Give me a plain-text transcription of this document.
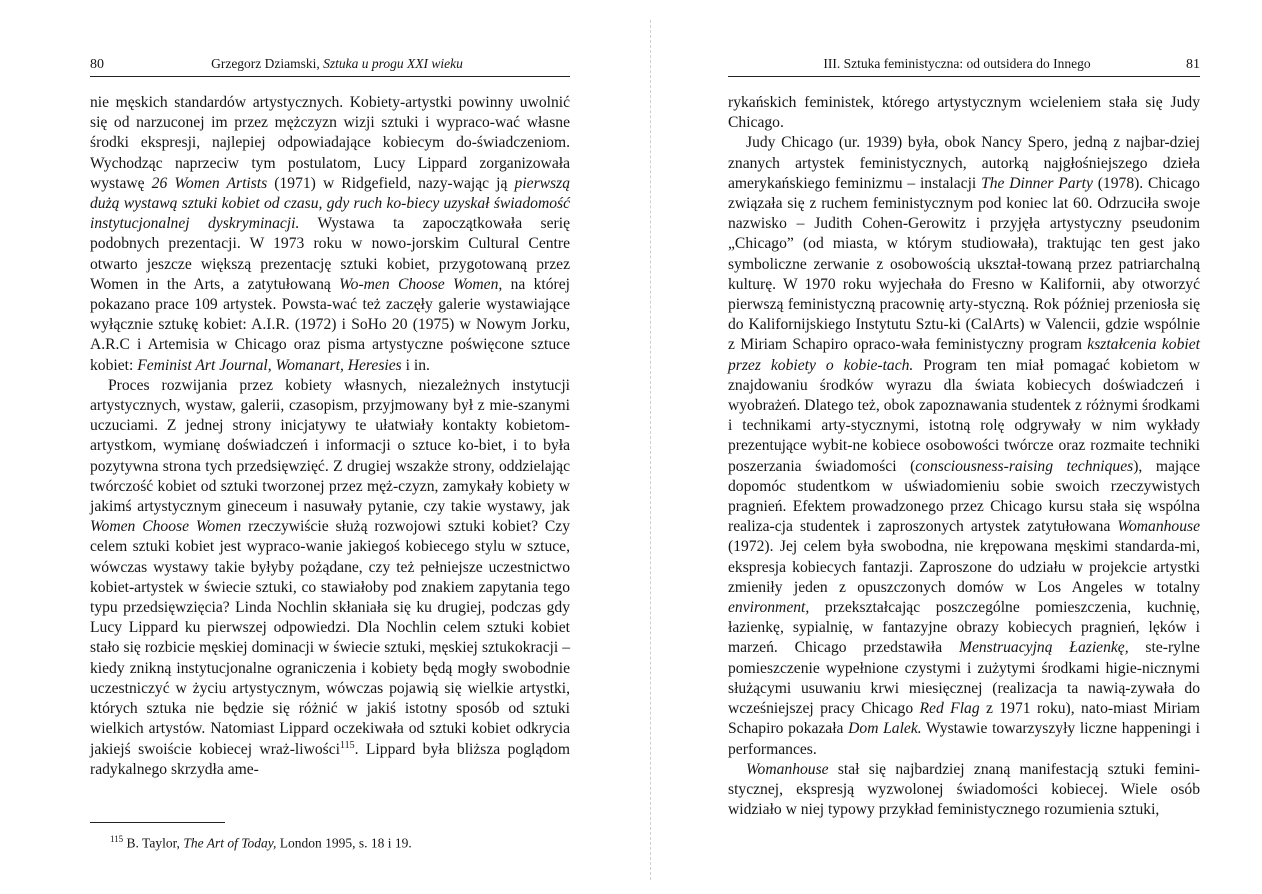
80	Grzegorz Dziamski, Sztuka u progu XXI wieku

nie męskich standardów artystycznych. Kobiety-artystki powinny uwolnić się od narzuconej im przez mężczyzn wizji sztuki i wypraco-wać własne środki ekspresji, najlepiej odpowiadające kobiecym do-świadczeniom. Wychodząc naprzeciw tym postulatom, Lucy Lippard zorganizowała wystawę 26 Women Artists (1971) w Ridgefield, nazy-wając ją pierwszą dużą wystawą sztuki kobiet od czasu, gdy ruch ko-biecy uzyskał świadomość instytucjonalnej dyskryminacji. Wystawa ta zapoczątkowała serię podobnych prezentacji. W 1973 roku w nowo-jorskim Cultural Centre otwarto jeszcze większą prezentację sztuki kobiet, przygotowaną przez Women in the Arts, a zatytułowaną Wo-men Choose Women, na której pokazano prace 109 artystek. Powsta-wać też zaczęły galerie wystawiające wyłącznie sztukę kobiet: A.I.R. (1972) i SoHo 20 (1975) w Nowym Jorku, A.R.C i Artemisia w Chicago oraz pisma artystyczne poświęcone sztuce kobiet: Feminist Art Journal, Womanart, Heresies i in.

Proces rozwijania przez kobiety własnych, niezależnych instytucji artystycznych, wystaw, galerii, czasopism, przyjmowany był z mie-szanymi uczuciami. Z jednej strony inicjatywy te ułatwiały kontakty kobietom-artystkom, wymianę doświadczeń i informacji o sztuce ko-biet, i to była pozytywna strona tych przedsięwzięć. Z drugiej wszakże strony, oddzielając twórczość kobiet od sztuki tworzonej przez męż-czyzn, zamykały kobiety w jakimś artystycznym gineceum i nasuwały pytanie, czy takie wystawy, jak Women Choose Women rzeczywiście służą rozwojowi sztuki kobiet? Czy celem sztuki kobiet jest wypraco-wanie jakiegoś kobiecego stylu w sztuce, wówczas wystawy takie byłyby pożądane, czy też pełniejsze uczestnictwo kobiet-artystek w świecie sztuki, co stawiałoby pod znakiem zapytania tego typu przedsięwzięcia? Linda Nochlin skłaniała się ku drugiej, podczas gdy Lucy Lippard ku pierwszej odpowiedzi. Dla Nochlin celem sztuki kobiet stało się rozbicie męskiej dominacji w świecie sztuki, męskiej sztukokracji – kiedy znikną instytucjonalne ograniczenia i kobiety będą mogły swobodnie uczestniczyć w życiu artystycznym, wówczas pojawią się wielkie artystki, których sztuka nie będzie się różnić w jakiś istotny sposób od sztuki wielkich artystów. Natomiast Lippard oczekiwała od sztuki kobiet odkrycia jakiejś swoiście kobiecej wraż-liwości$^{115}$. Lippard była bliższa poglądom radykalnego skrzydła ame-

$^{115}$ B. Taylor, The Art of Today, London 1995, s. 18 i 19.
III. Sztuka feministyczna: od outsidera do Innego	81

rykańskich feministek, którego artystycznym wcieleniem stała się Judy Chicago.

Judy Chicago (ur. 1939) była, obok Nancy Spero, jedną z najbar-dziej znanych artystek feministycznych, autorką najgłośniejszego dzieła amerykańskiego feminizmu – instalacji The Dinner Party (1978). Chicago związała się z ruchem feministycznym pod koniec lat 60. Odrzuciła swoje nazwisko – Judith Cohen-Gerowitz i przyjęła artystyczny pseudonim „Chicago” (od miasta, w którym studiowała), traktując ten gest jako symboliczne zerwanie z osobowością ukształ-towaną przez patriarchalną kulturę. W 1970 roku wyjechała do Fresno w Kalifornii, aby otworzyć pierwszą feministyczną pracownię arty-styczną. Rok później przeniosła się do Kalifornijskiego Instytutu Sztu-ki (CalArts) w Valencii, gdzie wspólnie z Miriam Schapiro opraco-wała feministyczny program kształcenia kobiet przez kobiety o kobie-tach. Program ten miał pomagać kobietom w znajdowaniu środków wyrazu dla świata kobiecych doświadczeń i wyobrażeń. Dlatego też, obok zapoznawania studentek z różnymi środkami i technikami arty-stycznymi, istotną rolę odgrywały w nim wykłady prezentujące wybit-ne kobiece osobowości twórcze oraz rozmaite techniki poszerzania świadomości (consciousness-raising techniques), mające dopomóc studentkom w uświadomieniu sobie swoich rzeczywistych pragnień. Efektem prowadzonego przez Chicago kursu stała się wspólna realiza-cja studentek i zaproszonych artystek zatytułowana Womanhouse (1972). Jej celem była swobodna, nie krępowana męskimi standarda-mi, ekspresja kobiecych fantazji. Zaproszone do udziału w projekcie artystki zmieniły jeden z opuszczonych domów w Los Angeles w totalny environment, przekształcając poszczególne pomieszczenia, kuchnię, łazienkę, sypialnię, w fantazyjne obrazy kobiecych pragnień, lęków i marzeń. Chicago przedstawiła Menstruacyjną Łazienkę, ste-rylne pomieszczenie wypełnione czystymi i zużytymi środkami higie-nicznymi służącymi usuwaniu krwi miesięcznej (realizacja ta nawią-zywała do wcześniejszej pracy Chicago Red Flag z 1971 roku), nato-miast Miriam Schapiro pokazała Dom Lalek. Wystawie towarzyszyły liczne happeningi i performances.

Womanhouse stał się najbardziej znaną manifestacją sztuki femini-stycznej, ekspresją wyzwolonej świadomości kobiecej. Wiele osób widziało w niej typowy przykład feministycznego rozumienia sztuki,
